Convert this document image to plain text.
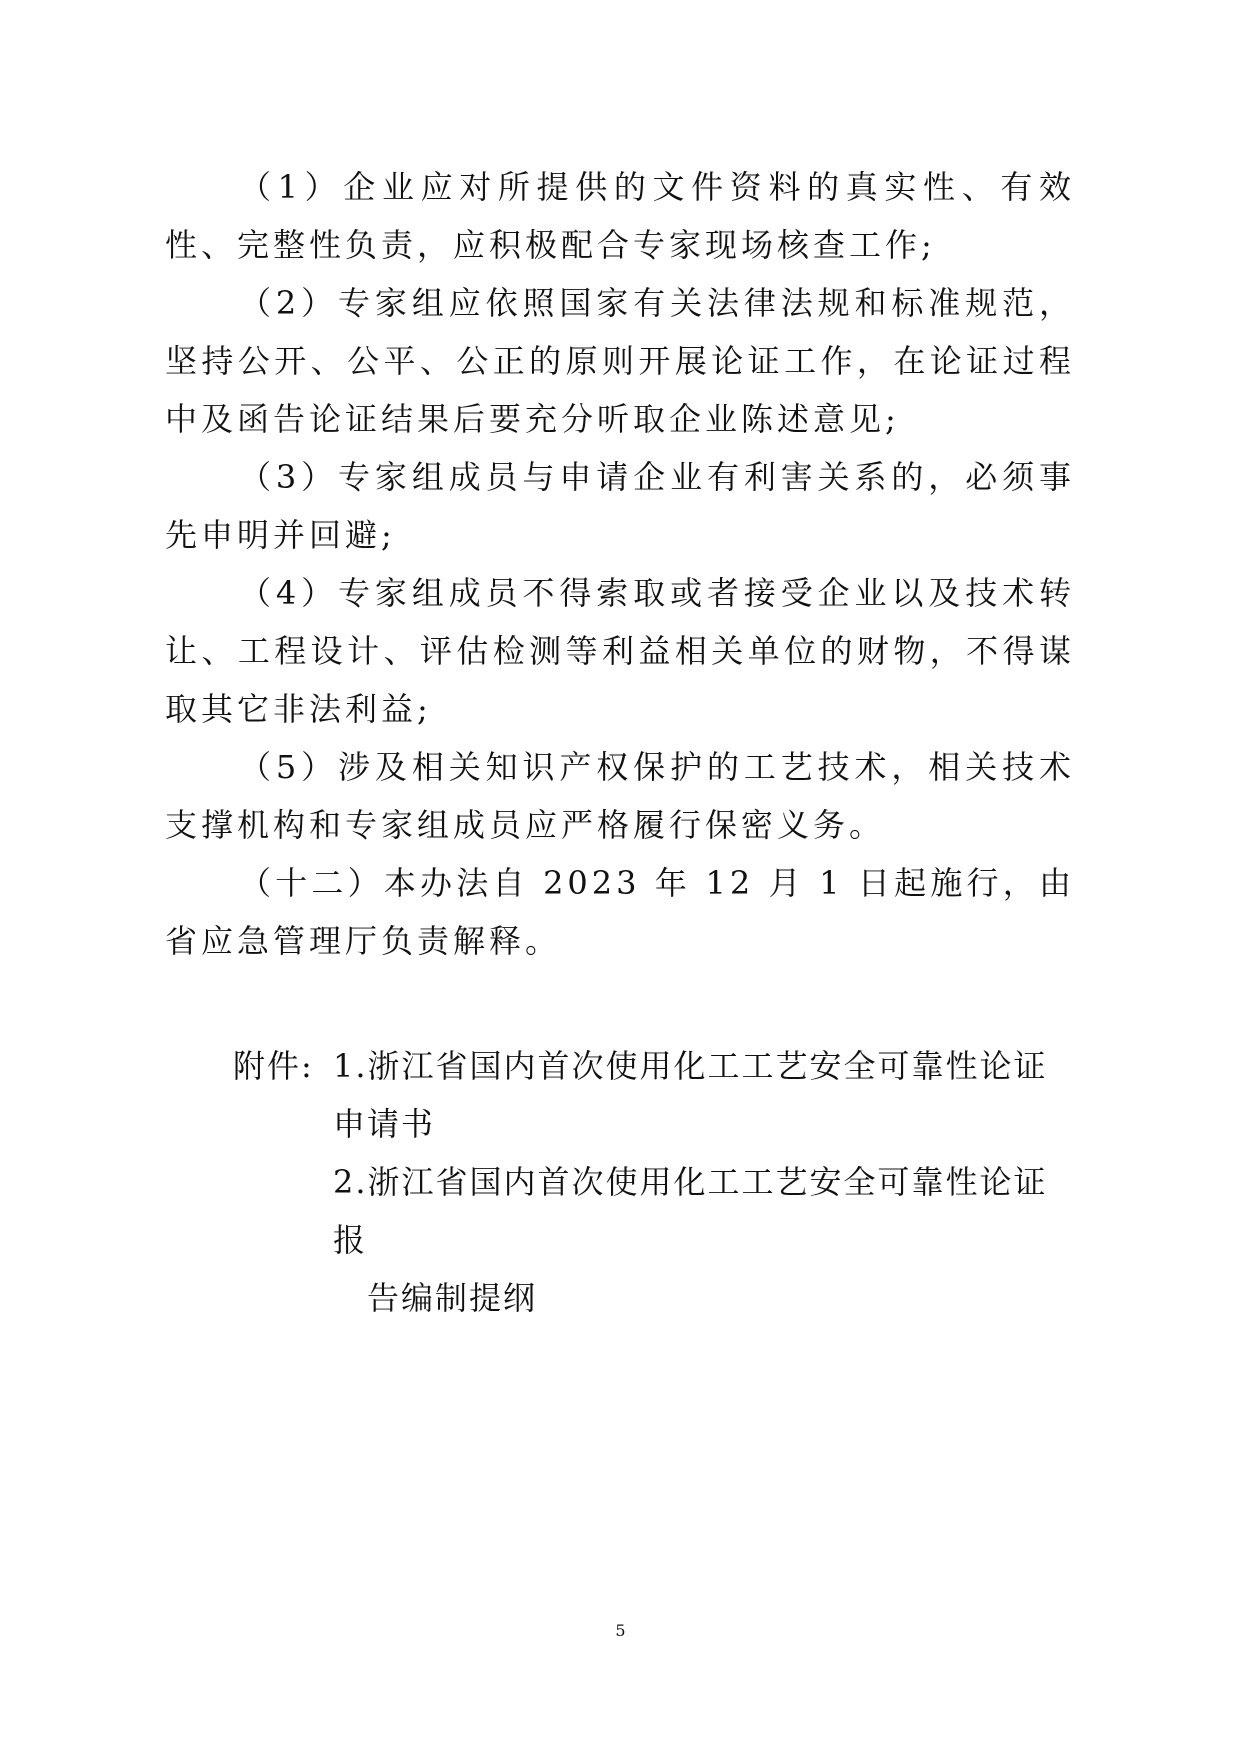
（1）企业应对所提供的文件资料的真实性、有效性、完整性负责，应积极配合专家现场核查工作;

（2）专家组应依照国家有关法律法规和标准规范，坚持公开、公平、公正的原则开展论证工作，在论证过程中及函告论证结果后要充分听取企业陈述意见;

（3）专家组成员与申请企业有利害关系的，必须事先申明并回避;

（4）专家组成员不得索取或者接受企业以及技术转让、工程设计、评估检测等利益相关单位的财物，不得谋取其它非法利益;

（5）涉及相关知识产权保护的工艺技术，相关技术支撑机构和专家组成员应严格履行保密义务。

（十二）本办法自 2023 年 12 月 1 日起施行，由省应急管理厅负责解释。

附件: 1.浙江省国内首次使用化工工艺安全可靠性论证申请书
2.浙江省国内首次使用化工工艺安全可靠性论证报
告编制提纲
5
